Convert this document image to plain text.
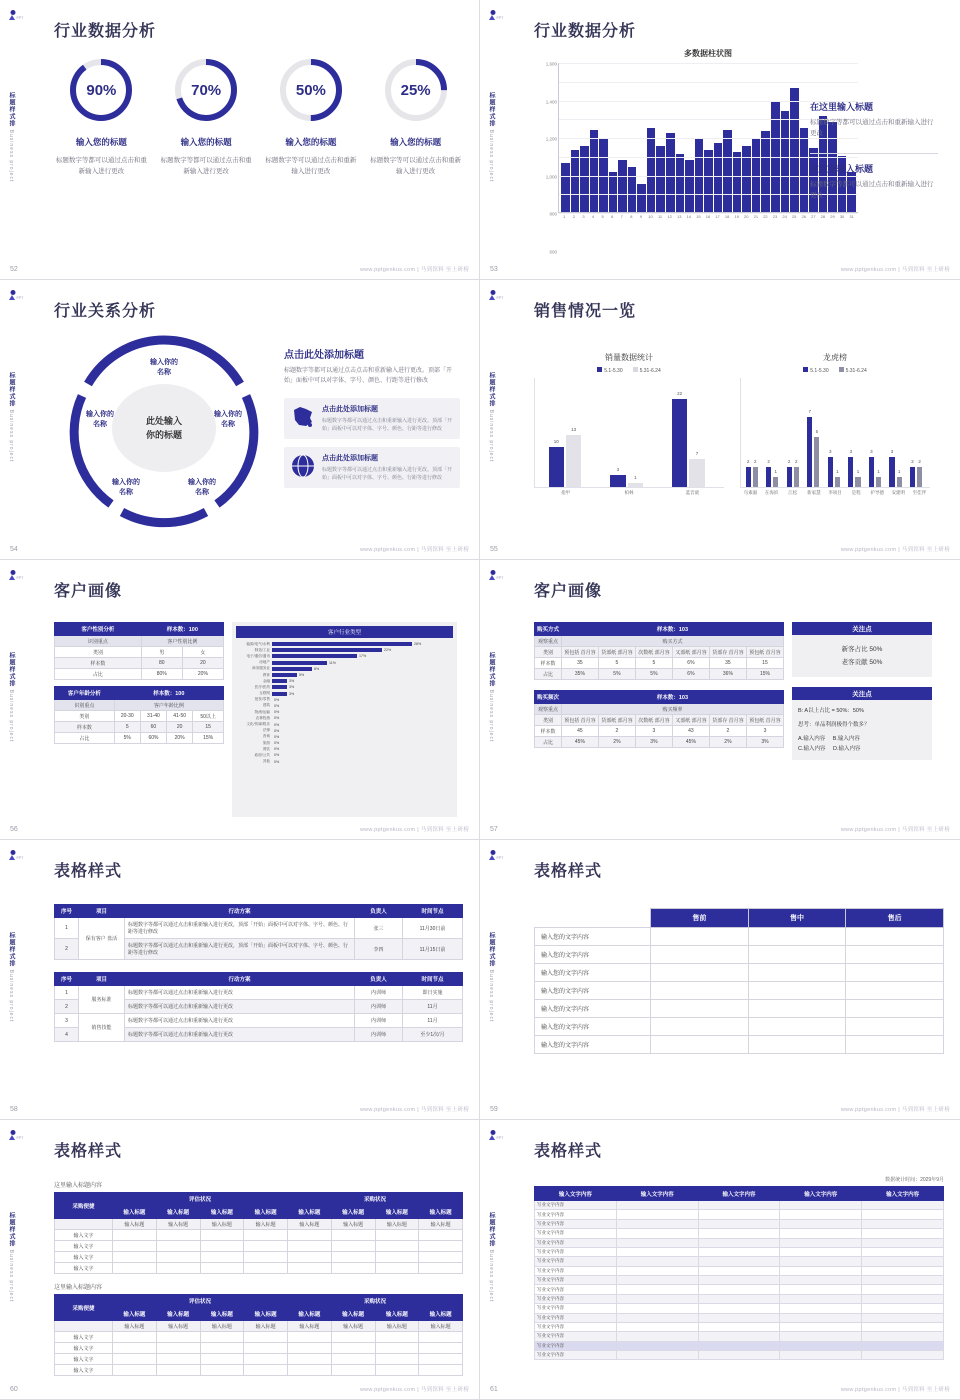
PPT
标题样式排 Business project
行业数据分析
90%
输入您的标题
标题数字等都可以通过点击和重新输入进行更改
70%
输入您的标题
标题数字等都可以通过点击和重新输入进行更改
50%
输入您的标题
标题数字等可以通过点击和重新输入进行更改
25%
输入您的标题
标题数字等可以通过点击和重新输入进行更改
52	www.pptgenkus.com | 马到馆料 至上研榜
PPT
标题样式排 Business project
行业数据分析
多数据柱状图
600
800
1,000
1,200
1,400
1,600
1	2	3	4	5	6	7	8	9	10	11	12	13	14	15	16	17	18	19	20	21	22	23	24	25	26	27	28	29	30	31
在这里输入标题

标题数字等都可以通过点击和重新输入进行更改

在这里输入标题

标题数字等都可以通过点击和重新输入进行更改

53	www.pptgenkus.com | 马到馆料 至上研榜
PPT
标题样式排 Business project
行业关系分析
此处输入
你的标题
输入你的
名称
输入你的
名称
输入你的
名称
输入你的
名称
输入你的
名称
点击此处添加标题
标题数字等都可以通过点击点击和重新输入进行更改。顶部「开始」面板中可以对字体、字号、颜色、行距等进行修改
点击此处添加标题

标题数字等都可以通过点击和重新输入进行更改。顶部「开始」面板中可以对字体、字号、颜色、行距等进行修改

点击此处添加标题

标题数字等都可以通过点击和重新输入进行更改。顶部「开始」面板中可以对字体、字号、颜色、行距等进行修改

54	www.pptgenkus.com | 马到馆料 至上研榜
PPT
标题样式排 Business project
销售情况一览
销量数据统计
5.1-5.30	5.31-6.24
10
13
3
1
22
7
指甲	柏林	蓝音滚
龙虎榜
5.1-5.30	5.31-6.24
2 2 2
1
2 2
7
5
3
1
3
1
3
1
3
1
2 2
句素毅	在海滨	江松	新家慧	李项目	是程	护导德	安建明	至佳伴
55	www.pptgenkus.com | 马到馆料 至上研榜
PPT
标题样式排 Business project
客户画像
客户性别分析	样本数：100	
识别重点	客户性别比例	
类别	男	女
样本数	80	20
占比	80%	20%
客户年龄分析	样本数：100			
识别重点	客户年龄比例			
类别	20-30	31-40	41-50	50以上
样本数	5	60	20	15
占比	5%	60%	20%	15%
客户行业类型
能源/电气/水利	28%
制造/工业	22%
电子/通信/通讯	17%
房地产	11%
商务服务业	8%
教育	5%
金融	3%
医疗/医药	3%
互联网	3%
批发/零售 0%
建筑 0%
物流/运输 0%
农林牧渔 0%
文化/传媒/娱乐 0%
法律 0%
咨询 0%
旅游 0%
餐饮 0%
政府/公共 0%
其他 0%
56	www.pptgenkus.com | 马到馆料 至上研榜
PPT
标题样式排 Business project
客户画像
购买方式	样本数：103					
观察重点	购买方式					
类别	预包括 首月容	货部纸 部月容	次数纸 部月容	又部纸 部月容	货部存 首月容	预包纸 首月容
样本数	35	5	5	6%	35	15
占比	35%	5%	5%	6%	36%	15%
购买频次	样本数：103					
观察重点	购买频率					
类别	预包括 首月容	货部纸 部月容	次数纸 部月容	又部纸 部月容	货部存 首月容	预包纸 首月容
样本数	45	2	3	43	2	3
占比	45%	2%	3%	45%	2%	3%
关注点
新客占比 50%
老客贡献 50%
关注点
B: A以上占比 = 50%：50%
思考：单品利润极得个数多？
A.输入内容 B.输入内容
C.输入内容 D.输入内容
57	www.pptgenkus.com | 马到馆料 至上研榜
PPT
标题样式排 Business project
表格样式
序号	项目	行动方案	负责人	时间节点
1	保有客户 盘活	标题数字等都可以通过点击和重新输入进行更改，顶部「开始」面板中可以对字体、字号、颜色、行距等进行修改	张三	11月30日前
2		标题数字等都可以通过点击和重新输入进行更改，顶部「开始」面板中可以对字体、字号、颜色、行距等进行修改	李四	11月15日前
序号	项目	行动方案	负责人	时间节点
1	服务标准	标题数字等都可以通过点击和重新输入进行更改	内训师	即日实施
2		标题数字等都可以通过点击和重新输入进行更改	内训师	11月
3	销售技能	标题数字等都可以通过点击和重新输入进行更改	内训师	11月
4		标题数字等都可以通过点击和重新输入进行更改	内训师	至少1次/月
58	www.pptgenkus.com | 马到馆料 至上研榜
PPT
标题样式排 Business project
表格样式
	售前	售中	售后
输入您的文字内容			
输入您的文字内容			
输入您的文字内容			
输入您的文字内容			
输入您的文字内容			
输入您的文字内容			
输入您的文字内容			
59	www.pptgenkus.com | 马到馆料 至上研榜
PPT
标题样式排 Business project
表格样式
这里输入标题内容
采购便捷	评估状况				采购状况			
	输入标题	输入标题	输入标题	输入标题	输入标题	输入标题	输入标题	输入标题
	输入标题	输入标题	输入标题	输入标题	输入标题	输入标题	输入标题	输入标题
输入文字								
输入文字								
输入文字								
输入文字								
这里输入标题内容
采购便捷	评估状况				采购状况			
	输入标题	输入标题	输入标题	输入标题	输入标题	输入标题	输入标题	输入标题
	输入标题	输入标题	输入标题	输入标题	输入标题	输入标题	输入标题	输入标题
输入文字								
输入文字								
输入文字								
输入文字								
60	www.pptgenkus.com | 马到馆料 至上研榜
PPT
标题样式排 Business project
表格样式
数据统计时间：2029年9月
输入文字内容	输入文字内容	输入文字内容	输入文字内容	输入文字内容
写业文字内容				
写业文字内容				
写业文字内容				
写业文字内容				
写业文字内容				
写业文字内容				
写业文字内容				
写业文字内容				
写业文字内容				
写业文字内容				
写业文字内容				
写业文字内容				
写业文字内容				
写业文字内容				
写业文字内容				
写业文字内容				
写业文字内容				
61	www.pptgenkus.com | 马到馆料 至上研榜
